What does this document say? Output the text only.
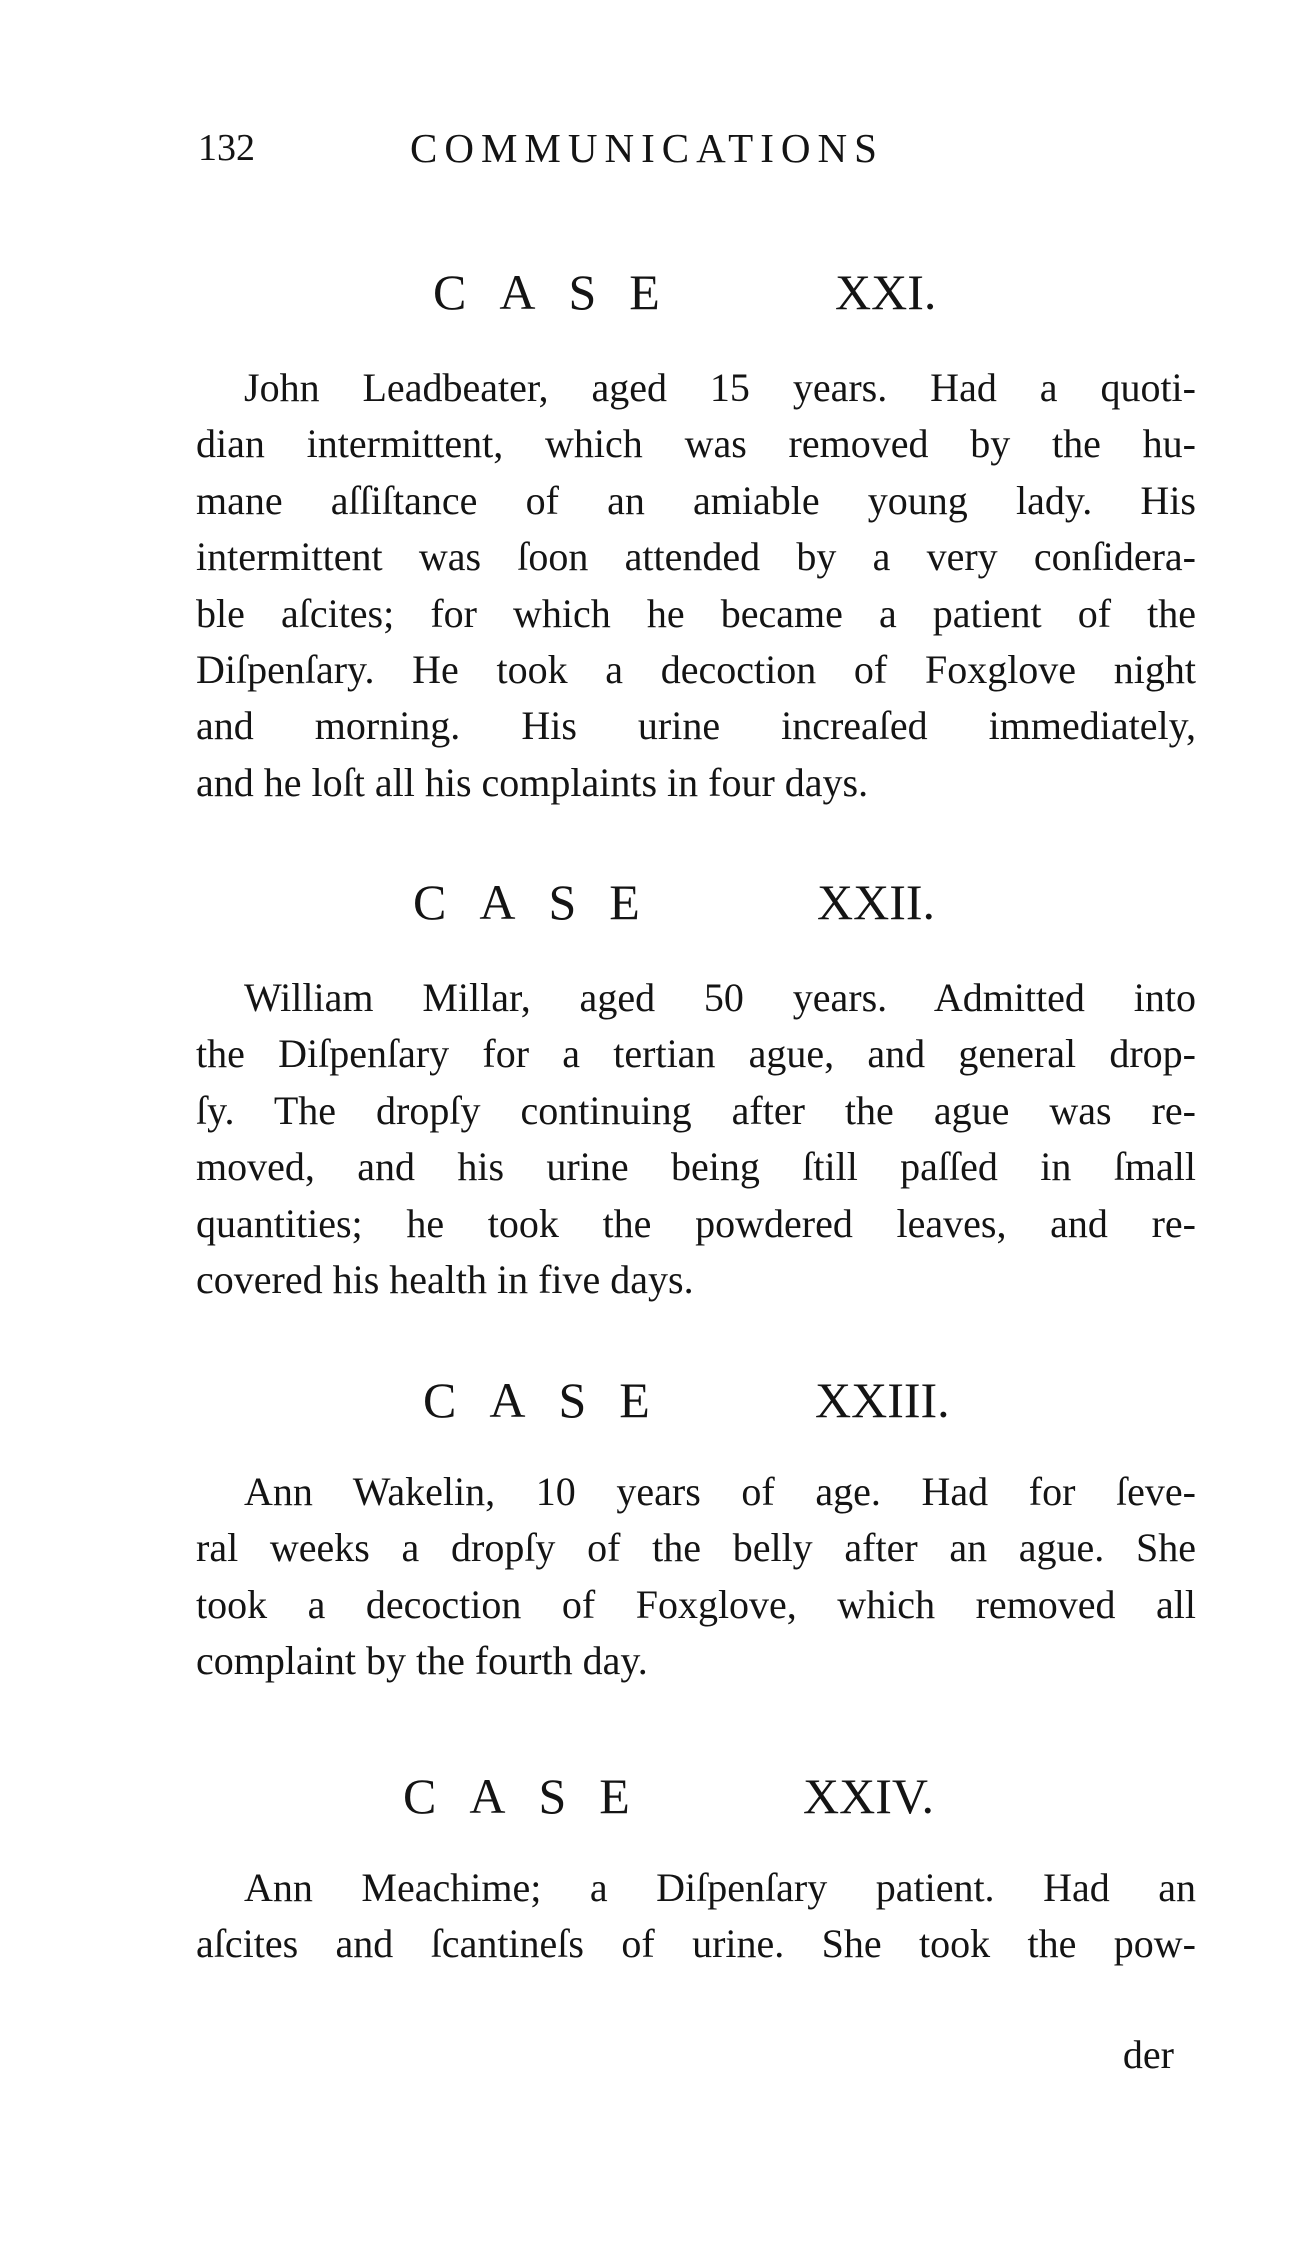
132	COMMUNICATIONS
CASE	XXI.
John Leadbeater, aged 15 years. Had a quoti-
dian intermittent, which was removed by the hu-
mane aſſiſtance of an amiable young lady. His
intermittent was ſoon attended by a very conſidera-
ble aſcites; for which he became a patient of the
Diſpenſary. He took a decoction of Foxglove night
and morning. His urine increaſed immediately,
and he loſt all his complaints in four days.
CASE	XXII.
William Millar, aged 50 years. Admitted into
the Diſpenſary for a tertian ague, and general drop-
ſy. The dropſy continuing after the ague was re-
moved, and his urine being ſtill paſſed in ſmall
quantities; he took the powdered leaves, and re-
covered his health in five days.
CASE	XXIII.
Ann Wakelin, 10 years of age. Had for ſeve-
ral weeks a dropſy of the belly after an ague. She
took a decoction of Foxglove, which removed all
complaint by the fourth day.
CASE	XXIV.
Ann Meachime; a Diſpenſary patient. Had an
aſcites and ſcantineſs of urine. She took the pow-
der
